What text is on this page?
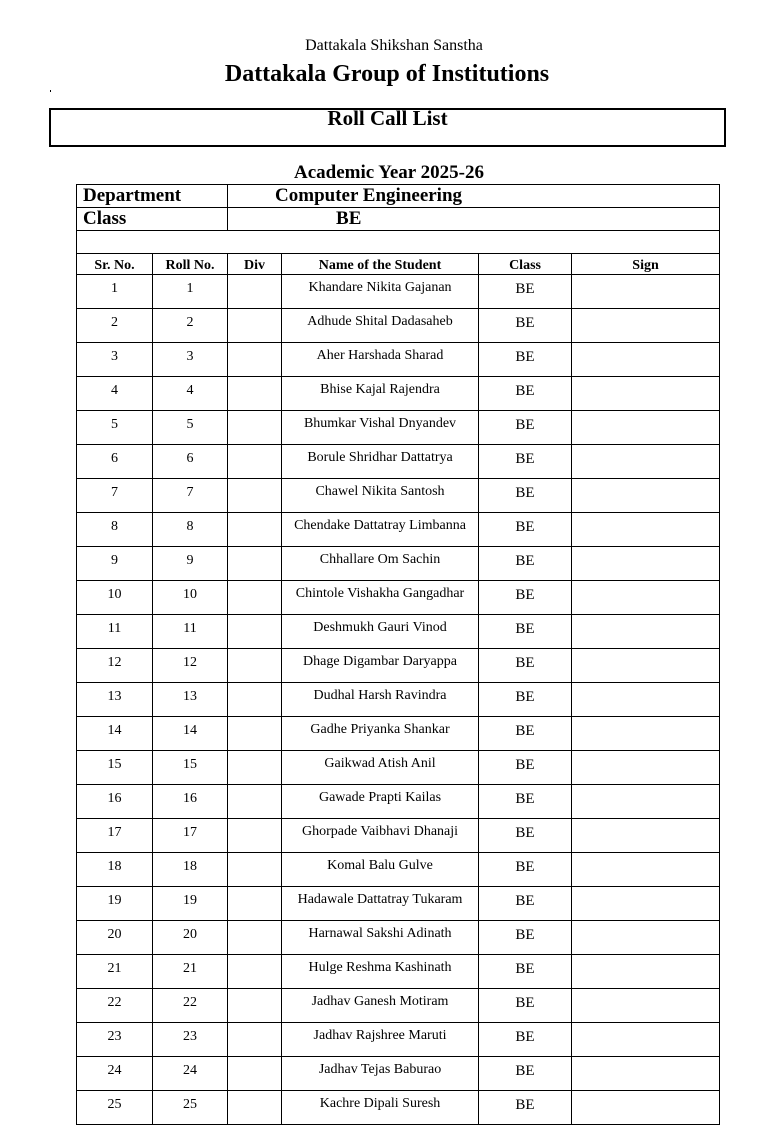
Dattakala Shikshan Sanstha
Dattakala Group of Institutions
Roll Call List
Academic Year 2025-26
Department		Computer Engineering			
Class		BE			

Sr. No.	Roll No.	Div	Name of the Student	Class	Sign
1	1		Khandare Nikita Gajanan	BE	
2	2		Adhude Shital Dadasaheb	BE	
3	3		Aher Harshada Sharad	BE	
4	4		Bhise Kajal Rajendra	BE	
5	5		Bhumkar Vishal Dnyandev	BE	
6	6		Borule Shridhar Dattatrya	BE	
7	7		Chawel Nikita Santosh	BE	
8	8		Chendake Dattatray Limbanna	BE	
9	9		Chhallare Om Sachin	BE	
10	10		Chintole Vishakha Gangadhar	BE	
11	11		Deshmukh Gauri Vinod	BE	
12	12		Dhage Digambar Daryappa	BE	
13	13		Dudhal Harsh Ravindra	BE	
14	14		Gadhe Priyanka Shankar	BE	
15	15		Gaikwad Atish Anil	BE	
16	16		Gawade Prapti Kailas	BE	
17	17		Ghorpade Vaibhavi Dhanaji	BE	
18	18		Komal Balu Gulve	BE	
19	19		Hadawale Dattatray Tukaram	BE	
20	20		Harnawal Sakshi Adinath	BE	
21	21		Hulge Reshma Kashinath	BE	
22	22		Jadhav Ganesh Motiram	BE	
23	23		Jadhav Rajshree Maruti	BE	
24	24		Jadhav Tejas Baburao	BE	
25	25		Kachre Dipali Suresh	BE	
